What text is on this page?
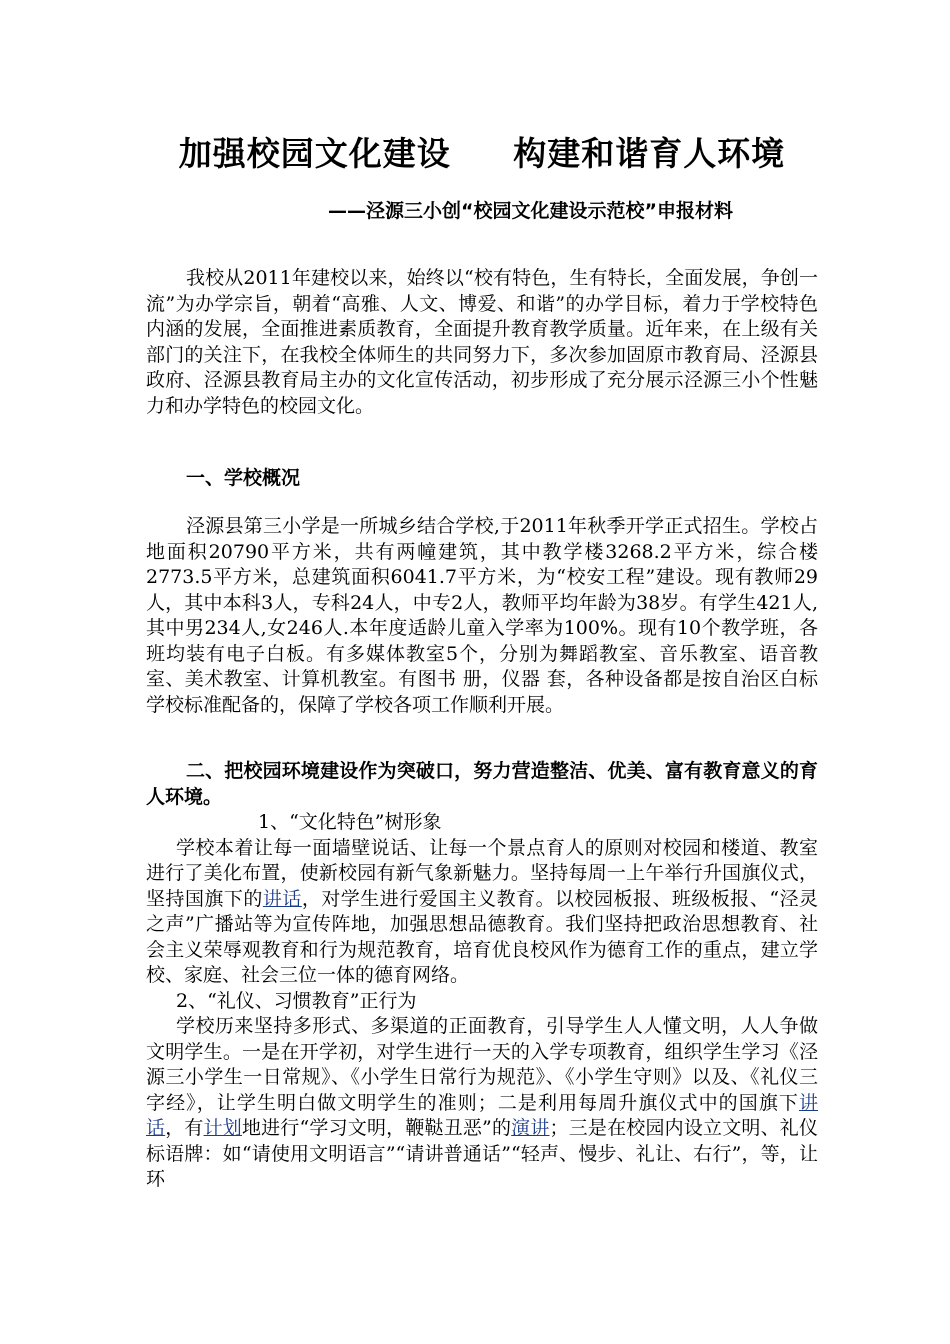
加强校园文化建设     构建和谐育人环境
——泾源三小创“校园文化建设示范校”申报材料

我校从2011年建校以来，始终以“校有特色，生有特长，全面发展，争创一流”为办学宗旨，朝着“高雅、人文、博爱、和谐”的办学目标，着力于学校特色内涵的发展，全面推进素质教育，全面提升教育教学质量。近年来，在上级有关部门的关注下，在我校全体师生的共同努力下，多次参加固原市教育局、泾源县政府、泾源县教育局主办的文化宣传活动，初步形成了充分展示泾源三小个性魅力和办学特色的校园文化。

一、学校概况

泾源县第三小学是一所城乡结合学校,于2011年秋季开学正式招生。学校占地面积20790平方米，共有两幢建筑，其中教学楼3268.2平方米，综合楼2773.5平方米，总建筑面积6041.7平方米，为“校安工程”建设。现有教师29人，其中本科3人，专科24人，中专2人，教师平均年龄为38岁。有学生421人,其中男234人,女246人.本年度适龄儿童入学率为100%。现有10个教学班，各班均装有电子白板。有多媒体教室5个，分别为舞蹈教室、音乐教室、语音教室、美术教室、计算机教室。有图书 册，仪器 套，各种设备都是按自治区白标学校标准配备的，保障了学校各项工作顺利开展。

二、把校园环境建设作为突破口，努力营造整洁、优美、富有教育意义的育人环境。

1、“文化特色”树形象

学校本着让每一面墙壁说话、让每一个景点育人的原则对校园和楼道、教室进行了美化布置，使新校园有新气象新魅力。坚持每周一上午举行升国旗仪式，坚持国旗下的讲话，对学生进行爱国主义教育。以校园板报、班级板报、“泾灵之声”广播站等为宣传阵地，加强思想品德教育。我们坚持把政治思想教育、社会主义荣辱观教育和行为规范教育，培育优良校风作为德育工作的重点，建立学校、家庭、社会三位一体的德育网络。

2、“礼仪、习惯教育”正行为

学校历来坚持多形式、多渠道的正面教育，引导学生人人懂文明，人人争做文明学生。一是在开学初，对学生进行一天的入学专项教育，组织学生学习《泾源三小学生一日常规》、《小学生日常行为规范》、《小学生守则》以及、《礼仪三字经》，让学生明白做文明学生的准则；二是利用每周升旗仪式中的国旗下讲话，有计划地进行“学习文明，鞭鞑丑恶”的演讲；三是在校园内设立文明、礼仪标语牌：如“请使用文明语言”“请讲普通话”“轻声、慢步、礼让、右行”，等，让环
